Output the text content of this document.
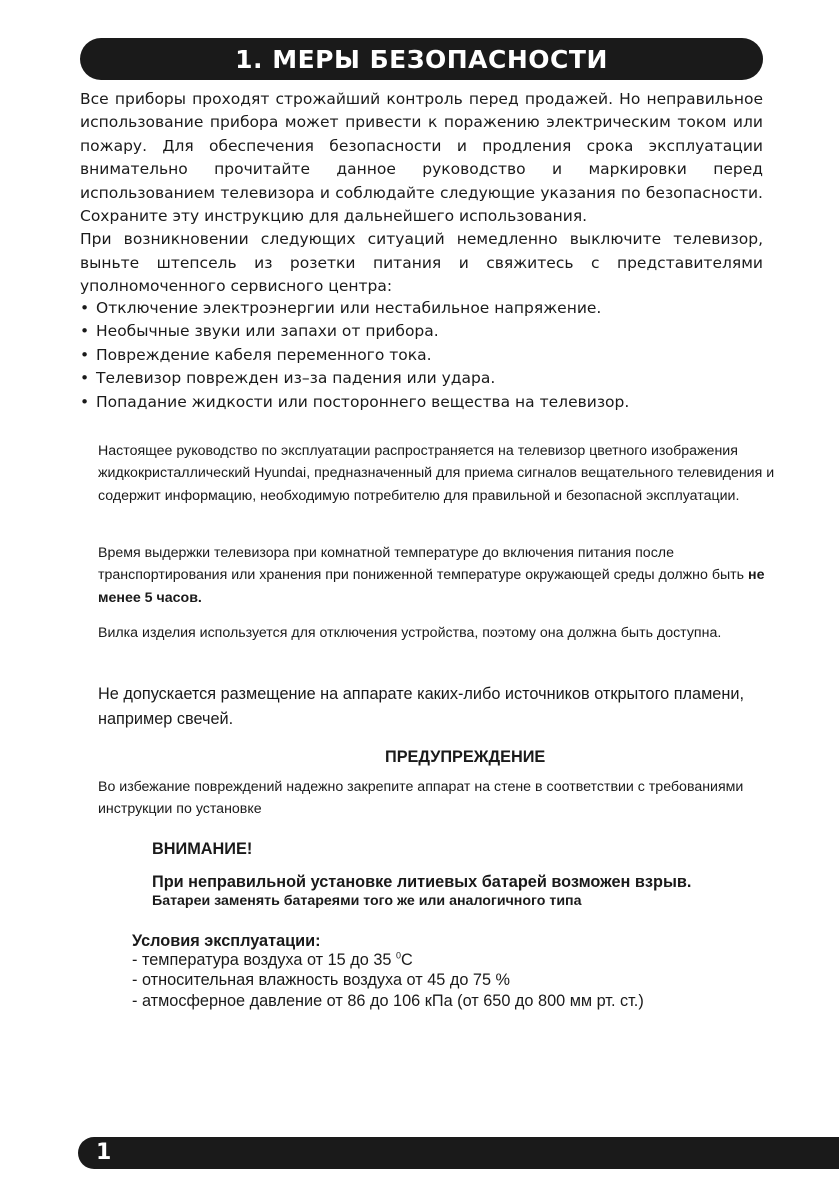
1. МЕРЫ БЕЗОПАСНОСТИ

Все приборы проходят строжайший контроль перед продажей. Но неправильное использование прибора может привести к поражению электрическим током или пожару. Для обеспечения безопасности и продления срока эксплуатации внимательно прочитайте данное руководство и маркировки перед использованием телевизора и соблюдайте следующие указания по безопасности. Сохраните эту инструкцию для дальнейшего использования.

При возникновении следующих ситуаций немедленно выключите телевизор, выньте штепсель из розетки питания и свяжитесь с представителями уполномоченного сервисного центра:

• Отключение электроэнергии или нестабильное напряжение.
• Необычные звуки или запахи от прибора.
• Повреждение кабеля переменного тока.
• Телевизор поврежден из–за падения или удара.
• Попадание жидкости или постороннего вещества на телевизор.

Настоящее руководство по эксплуатации распространяется на телевизор цветного изображения жидкокристаллический Hyundai, предназначенный для приема сигналов вещательного телевидения и содержит информацию, необходимую потребителю для правильной и безопасной эксплуатации.

Время выдержки телевизора при комнатной температуре до включения питания после транспортирования или хранения при пониженной температуре окружающей среды должно быть не менее 5 часов.

Вилка изделия используется для отключения устройства, поэтому она должна быть доступна.

Не допускается размещение на аппарате каких-либо источников открытого пламени, например свечей.

ПРЕДУПРЕЖДЕНИЕ

Во избежание повреждений надежно закрепите аппарат на стене в соответствии с требованиями инструкции по установке

ВНИМАНИЕ!
При неправильной установке литиевых батарей возможен взрыв.
Батареи заменять батареями того же или аналогичного типа
Условия эксплуатации:
- температура воздуха от 15 до 35 $^0$С
- относительная влажность воздуха от 45 до 75 %
- атмосферное давление от 86 до 106 кПа (от 650 до 800 мм рт. ст.)
1
